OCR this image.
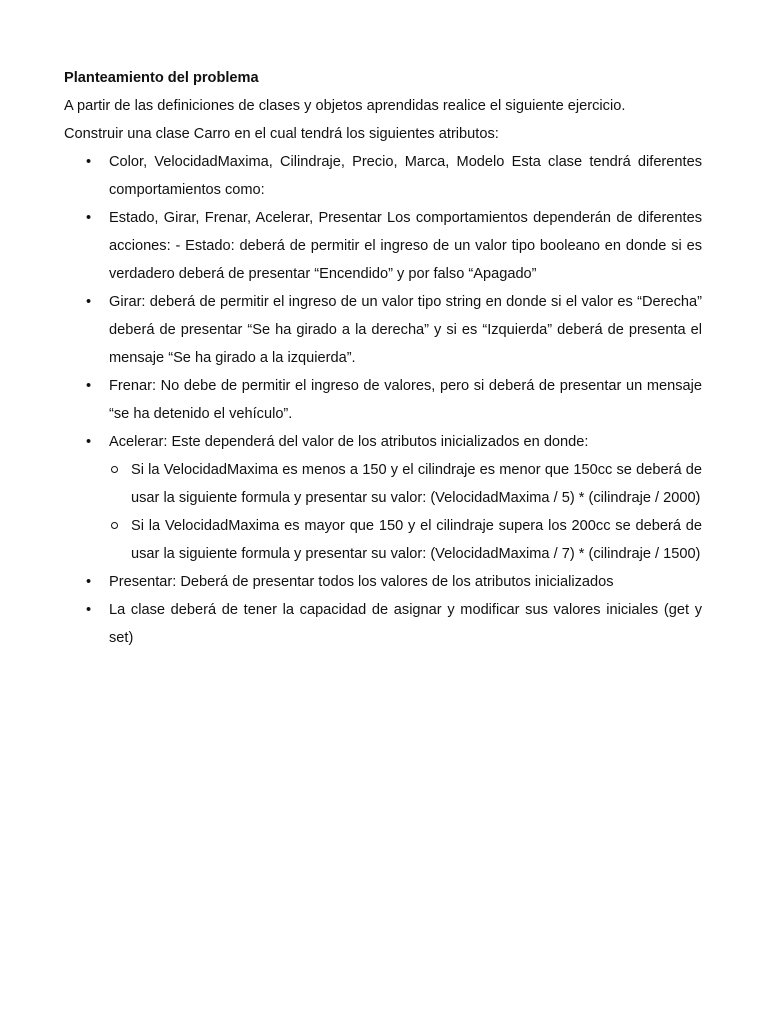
Planteamiento del problema

A partir de las definiciones de clases y objetos aprendidas realice el siguiente ejercicio.

Construir una clase Carro en el cual tendrá los siguientes atributos:

• Color, VelocidadMaxima, Cilindraje, Precio, Marca, Modelo Esta clase tendrá diferentes comportamientos como:
• Estado, Girar, Frenar, Acelerar, Presentar Los comportamientos dependerán de diferentes acciones: - Estado: deberá de permitir el ingreso de un valor tipo booleano en donde si es verdadero deberá de presentar “Encendido” y por falso “Apagado”
• Girar: deberá de permitir el ingreso de un valor tipo string en donde si el valor es “Derecha” deberá de presentar “Se ha girado a la derecha” y si es “Izquierda” deberá de presenta el mensaje “Se ha girado a la izquierda”.
• Frenar: No debe de permitir el ingreso de valores, pero si deberá de presentar un mensaje “se ha detenido el vehículo”.
• Acelerar: Este dependerá del valor de los atributos inicializados en donde:
Si la VelocidadMaxima es menos a 150 y el cilindraje es menor que 150cc se deberá de usar la siguiente formula y presentar su valor: (VelocidadMaxima / 5) * (cilindraje / 2000)
Si la VelocidadMaxima es mayor que 150 y el cilindraje supera los 200cc se deberá de usar la siguiente formula y presentar su valor: (VelocidadMaxima / 7) * (cilindraje / 1500)
• Presentar: Deberá de presentar todos los valores de los atributos inicializados
• La clase deberá de tener la capacidad de asignar y modificar sus valores iniciales (get y set)
